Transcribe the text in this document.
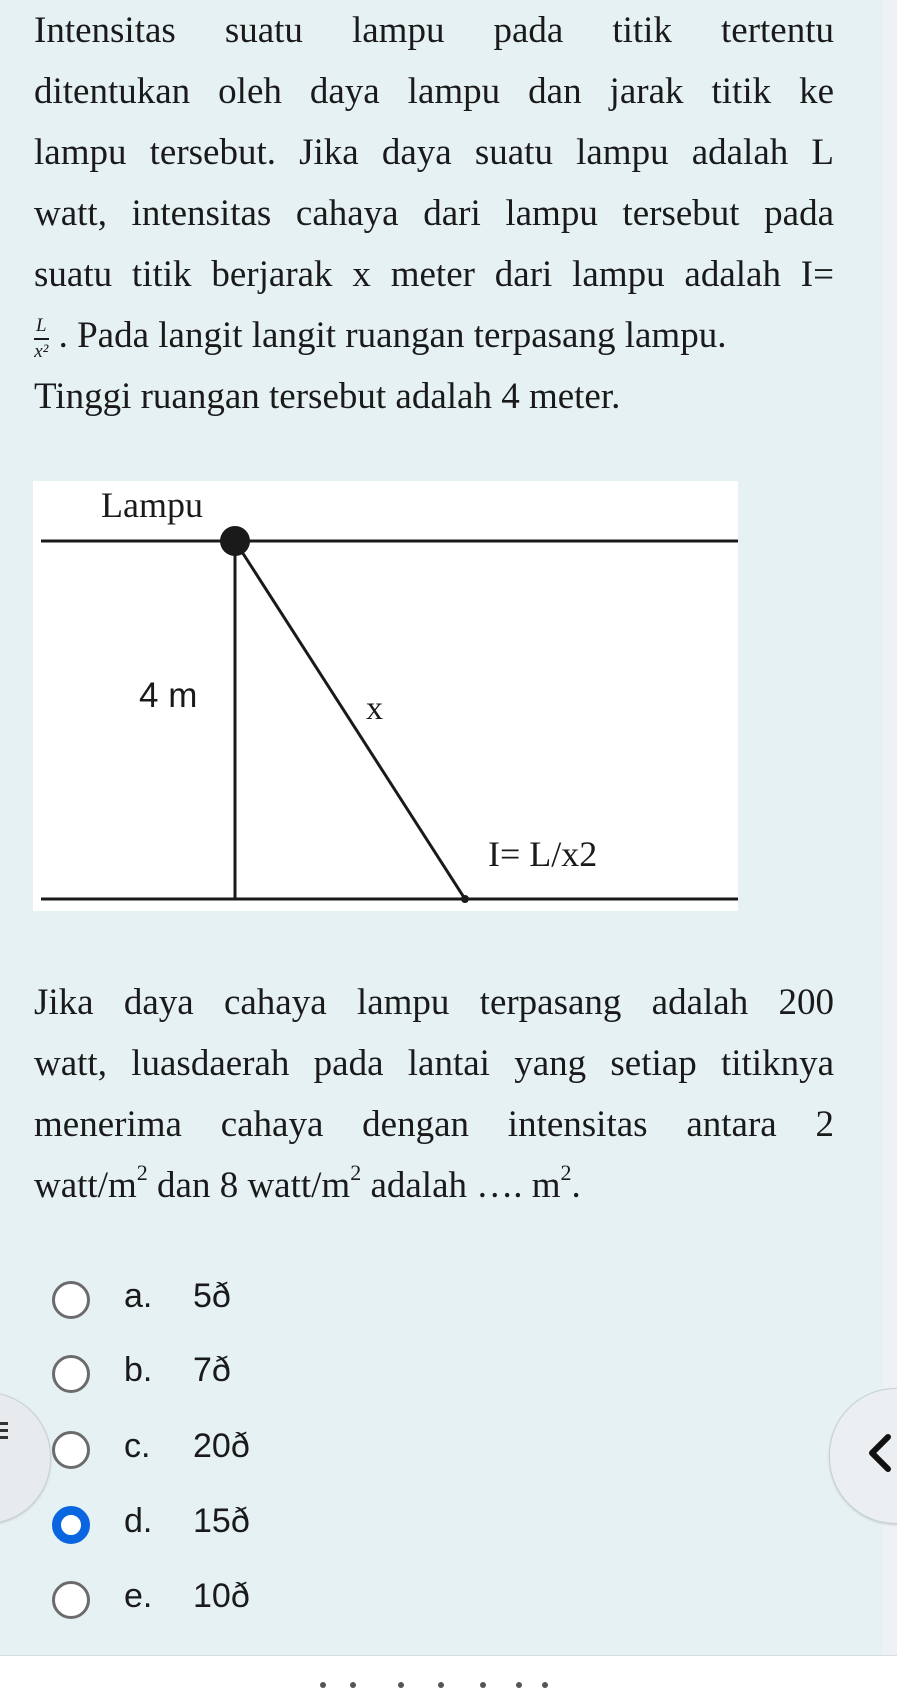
Intensitas suatu lampu pada titik tertentu
ditentukan oleh daya lampu dan jarak titik ke
lampu tersebut. Jika daya suatu lampu adalah L
watt, intensitas cahaya dari lampu tersebut pada
suatu titik berjarak x meter dari lampu adalah I=
$\frac{L}{\text{x²}}$ . Pada langit langit ruangan terpasang lampu.
Tinggi ruangan tersebut adalah 4 meter.
Lampu
4 m	x
I= L/x2
Jika daya cahaya lampu terpasang adalah 200
watt, luasdaerah pada lantai yang setiap titiknya
menerima cahaya dengan intensitas antara 2
watt/$m^2$ dan 8 watt/$m^2$ adalah …. $m^2$.
a. 5ð
b. 7ð
c. 20ð
d. 15ð
e. 10ð
